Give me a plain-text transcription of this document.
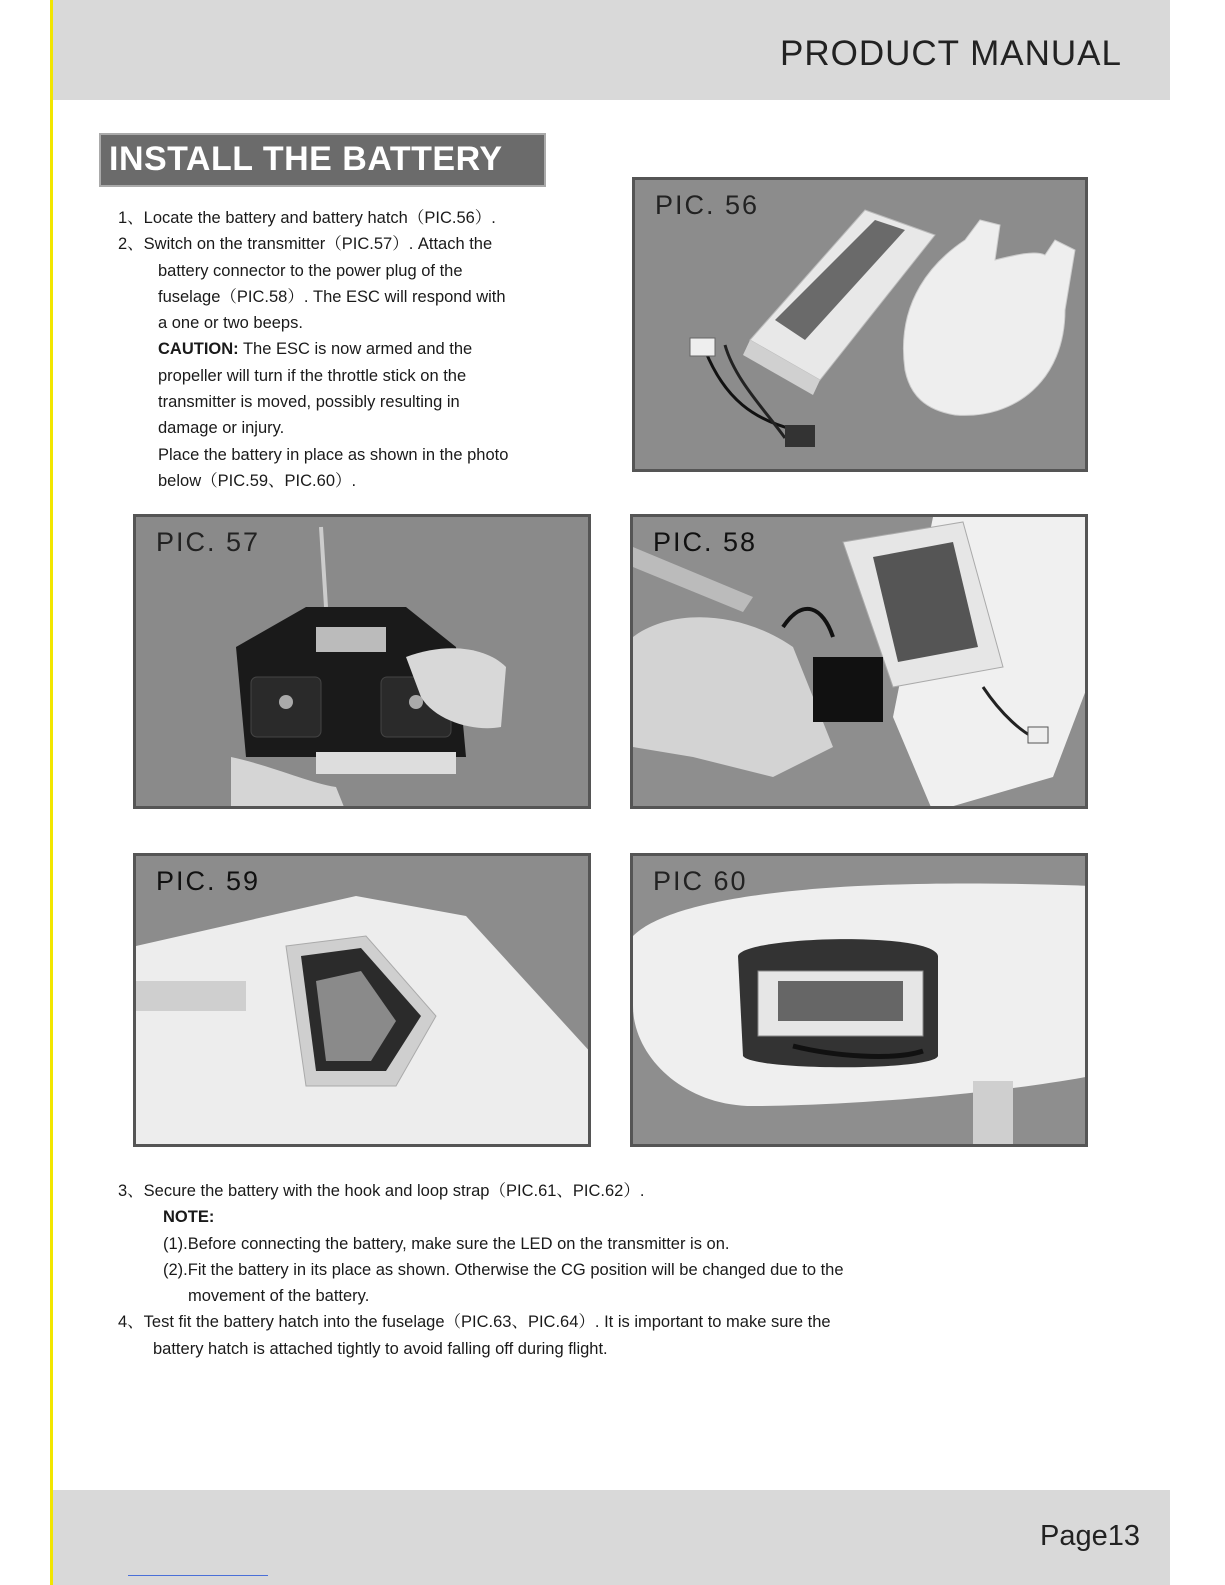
PRODUCT MANUAL
INSTALL THE BATTERY

1、Locate the battery and battery hatch（PIC.56）.

2、Switch on the transmitter（PIC.57）. Attach the

battery connector to the power plug of the

fuselage（PIC.58）. The ESC will respond with

a one or two beeps.

CAUTION: The ESC is now armed and the

propeller will turn if the throttle stick on the

transmitter is moved, possibly resulting in

damage or injury.

Place the battery in place as shown in the photo

below（PIC.59、PIC.60）.

PIC. 56
PIC. 57	PIC. 58
PIC. 59	PIC 60

3、Secure the battery with the hook and loop strap（PIC.61、PIC.62）.

NOTE:

(1).Before connecting the battery, make sure the LED on the transmitter is on.

(2).Fit the battery in its place as shown. Otherwise the CG position will be changed due to the

movement of the battery.

4、Test fit the battery hatch into the fuselage（PIC.63、PIC.64）. It is important to make sure the

battery hatch is attached tightly to avoid falling off during flight.

Page13
